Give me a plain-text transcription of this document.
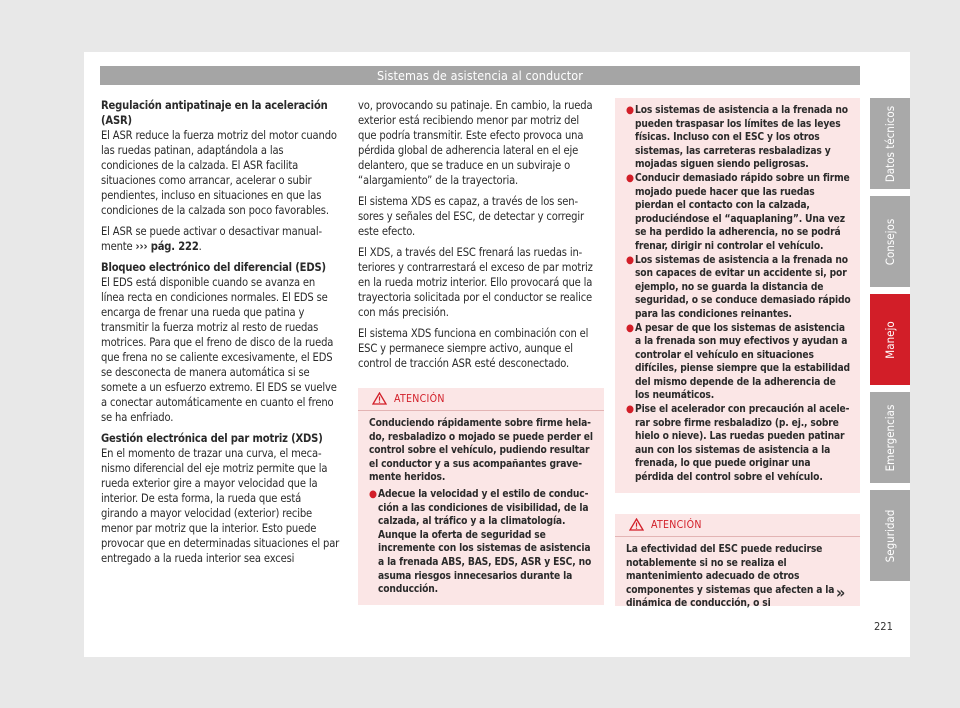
Sistemas de asistencia al conductor
Regulación antipatinaje en la aceleración (ASR)

El ASR reduce la fuerza motriz del motor cuando las ruedas patinan, adaptándola a las condiciones de la calzada. El ASR facilita situaciones como arrancar, acelerar o subir pendientes, incluso en situaciones en que las condiciones de la calzada son poco favorables.

El ASR se puede activar o desactivar manualmente ››› pág. 222.

Bloqueo electrónico del diferencial (EDS)

El EDS está disponible cuando se avanza en línea recta en condiciones normales. El EDS se encarga de frenar una rueda que patina y transmitir la fuerza motriz al resto de ruedas motrices. Para que el freno de disco de la rueda que frena no se caliente excesivamente, el EDS se desconecta de manera automática si se somete a un esfuerzo extremo. El EDS se vuelve a conectar automáticamente en cuanto el freno se ha enfriado.

Gestión electrónica del par motriz (XDS)

En el momento de trazar una curva, el mecanismo diferencial del eje motriz permite que la rueda exterior gire a mayor velocidad que la interior. De esta forma, la rueda que está girando a mayor velocidad (exterior) recibe menor par motriz que la interior. Esto puede provocar que en determinadas situaciones el par entregado a la rueda interior sea excesi

vo, provocando su patinaje. En cambio, la rueda exterior está recibiendo menor par motriz del que podría transmitir. Este efecto provoca una pérdida global de adherencia lateral en el eje delantero, que se traduce en un subviraje o “alargamiento” de la trayectoria.

El sistema XDS es capaz, a través de los sensores y señales del ESC, de detectar y corregir este efecto.

El XDS, a través del ESC frenará las ruedas interiores y contrarrestará el exceso de par motriz en la rueda motriz interior. Ello provocará que la trayectoria solicitada por el conductor se realice con más precisión.

El sistema XDS funciona en combinación con el ESC y permanece siempre activo, aunque el control de tracción ASR esté desconectado.

ATENCIÓN

Conduciendo rápidamente sobre firme helado, resbaladizo o mojado se puede perder el control sobre el vehículo, pudiendo resultar el conductor y a sus acompañantes gravemente heridos.

● Adecue la velocidad y el estilo de conducción a las condiciones de visibilidad, de la calzada, al tráfico y a la climatología. Aunque la oferta de seguridad se incremente con los sistemas de asistencia a la frenada ABS, BAS, EDS, ASR y ESC, no asuma riesgos innecesarios durante la conducción.
● Los sistemas de asistencia a la frenada no pueden traspasar los límites de las leyes físicas. Incluso con el ESC y los otros sistemas, las carreteras resbaladizas y mojadas siguen siendo peligrosas.
● Conducir demasiado rápido sobre un firme mojado puede hacer que las ruedas pierdan el contacto con la calzada, produciéndose el “aquaplaning”. Una vez se ha perdido la adherencia, no se podrá frenar, dirigir ni controlar el vehículo.
● Los sistemas de asistencia a la frenada no son capaces de evitar un accidente si, por ejemplo, no se guarda la distancia de seguridad, o se conduce demasiado rápido para las condiciones reinantes.
● A pesar de que los sistemas de asistencia a la frenada son muy efectivos y ayudan a controlar el vehículo en situaciones difíciles, piense siempre que la estabilidad del mismo depende de la adherencia de los neumáticos.
● Pise el acelerador con precaución al acelerar sobre firme resbaladizo (p. ej., sobre hielo o nieve). Las ruedas pueden patinar aun con los sistemas de asistencia a la frenada, lo que puede originar una pérdida del control sobre el vehículo.
ATENCIÓN

La efectividad del ESC puede reducirse notablemente si no se realiza el mantenimiento adecuado de otros componentes y sistemas que afecten a la dinámica de conducción, o si

»
Datos técnicos
Consejos
Manejo
Emergencias
Seguridad
221
